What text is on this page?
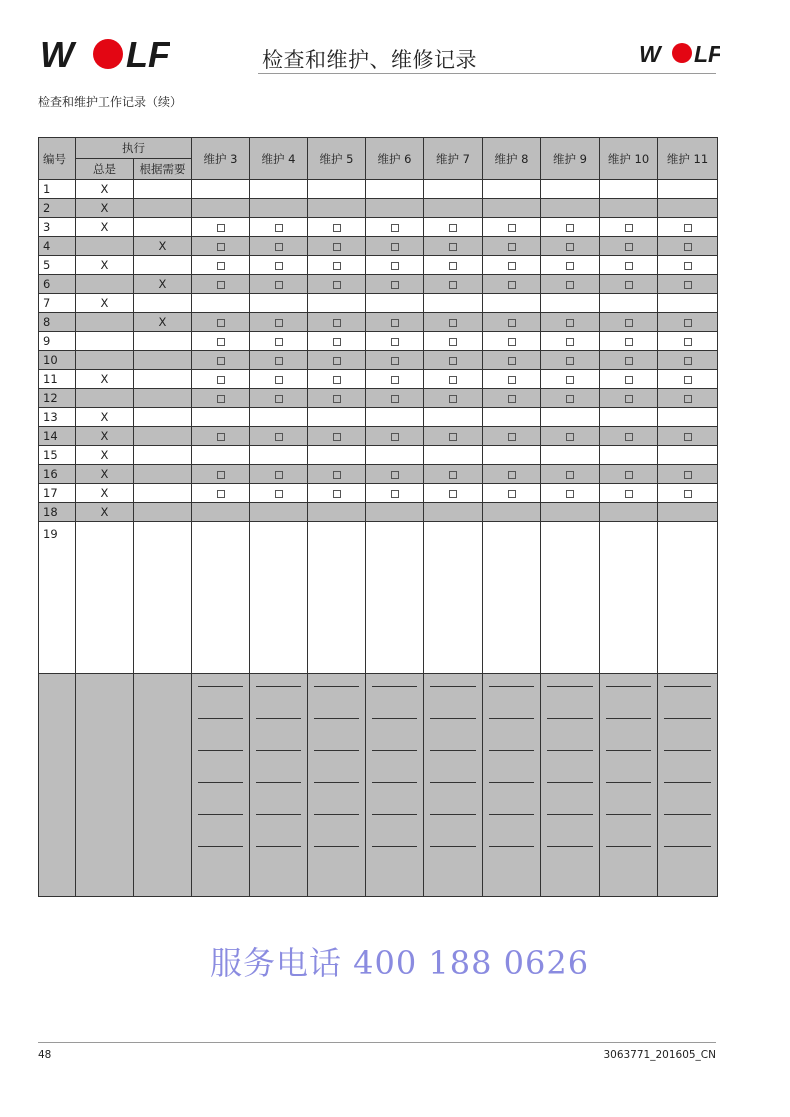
W LF	检查和维护、维修记录	W LF
检查和维护工作记录（续）
编号	执行		维护 3	维护 4	维护 5	维护 6	维护 7	维护 8	维护 9	维护 10	维护 11
	总是	根据需要									
1	X										
2	X										
3	X										
4		X									
5	X										
6		X									
7	X										
8		X									
9											
10											
11	X										
12											
13	X										
14	X										
15	X										
16	X										
17	X										
18	X										
19											

服务电话 400 188 0626
48	3063771_201605_CN
